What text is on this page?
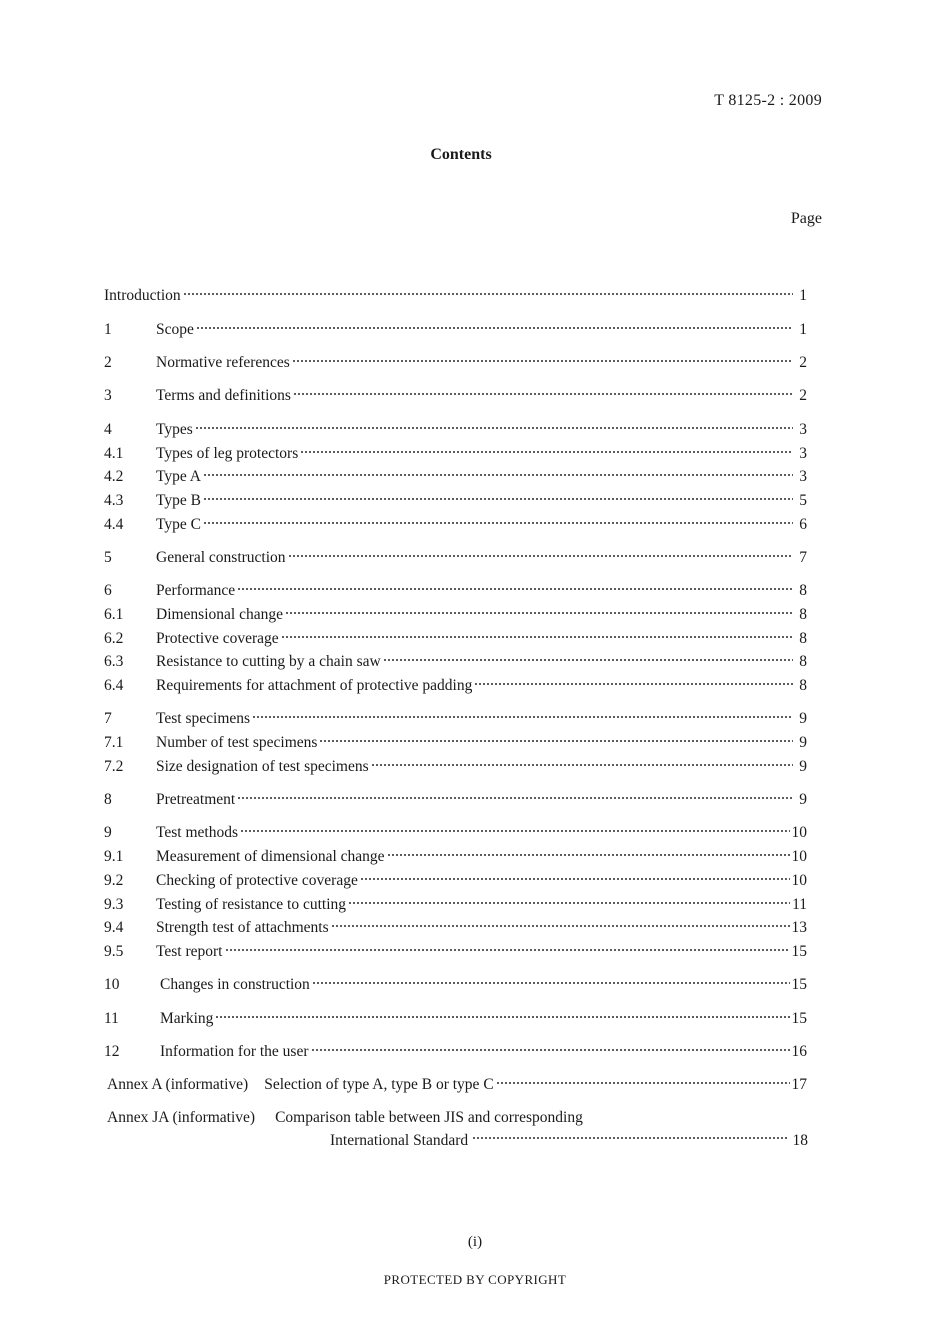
T 8125-2 : 2009
Contents
Page
Introduction	1
1	Scope	1
2	Normative references	2
3	Terms and definitions	2
4	Types	3
4.1	Types of leg protectors	3
4.2	Type A	3
4.3	Type B	5
4.4	Type C	6
5	General construction	7
6	Performance	8
6.1	Dimensional change	8
6.2	Protective coverage	8
6.3	Resistance to cutting by a chain saw	8
6.4	Requirements for attachment of protective padding	8
7	Test specimens	9
7.1	Number of test specimens	9
7.2	Size designation of test specimens	9
8	Pretreatment	9
9	Test methods	10
9.1	Measurement of dimensional change	10
9.2	Checking of protective coverage	10
9.3	Testing of resistance to cutting	11
9.4	Strength test of attachments	13
9.5	Test report	15
10	Changes in construction	15
11	Marking	15
12	Information for the user	16
Annex A (informative) Selection of type A, type B or type C	17
Annex JA (informative) Comparison table between JIS and corresponding
International Standard	18
(i)
PROTECTED BY COPYRIGHT
